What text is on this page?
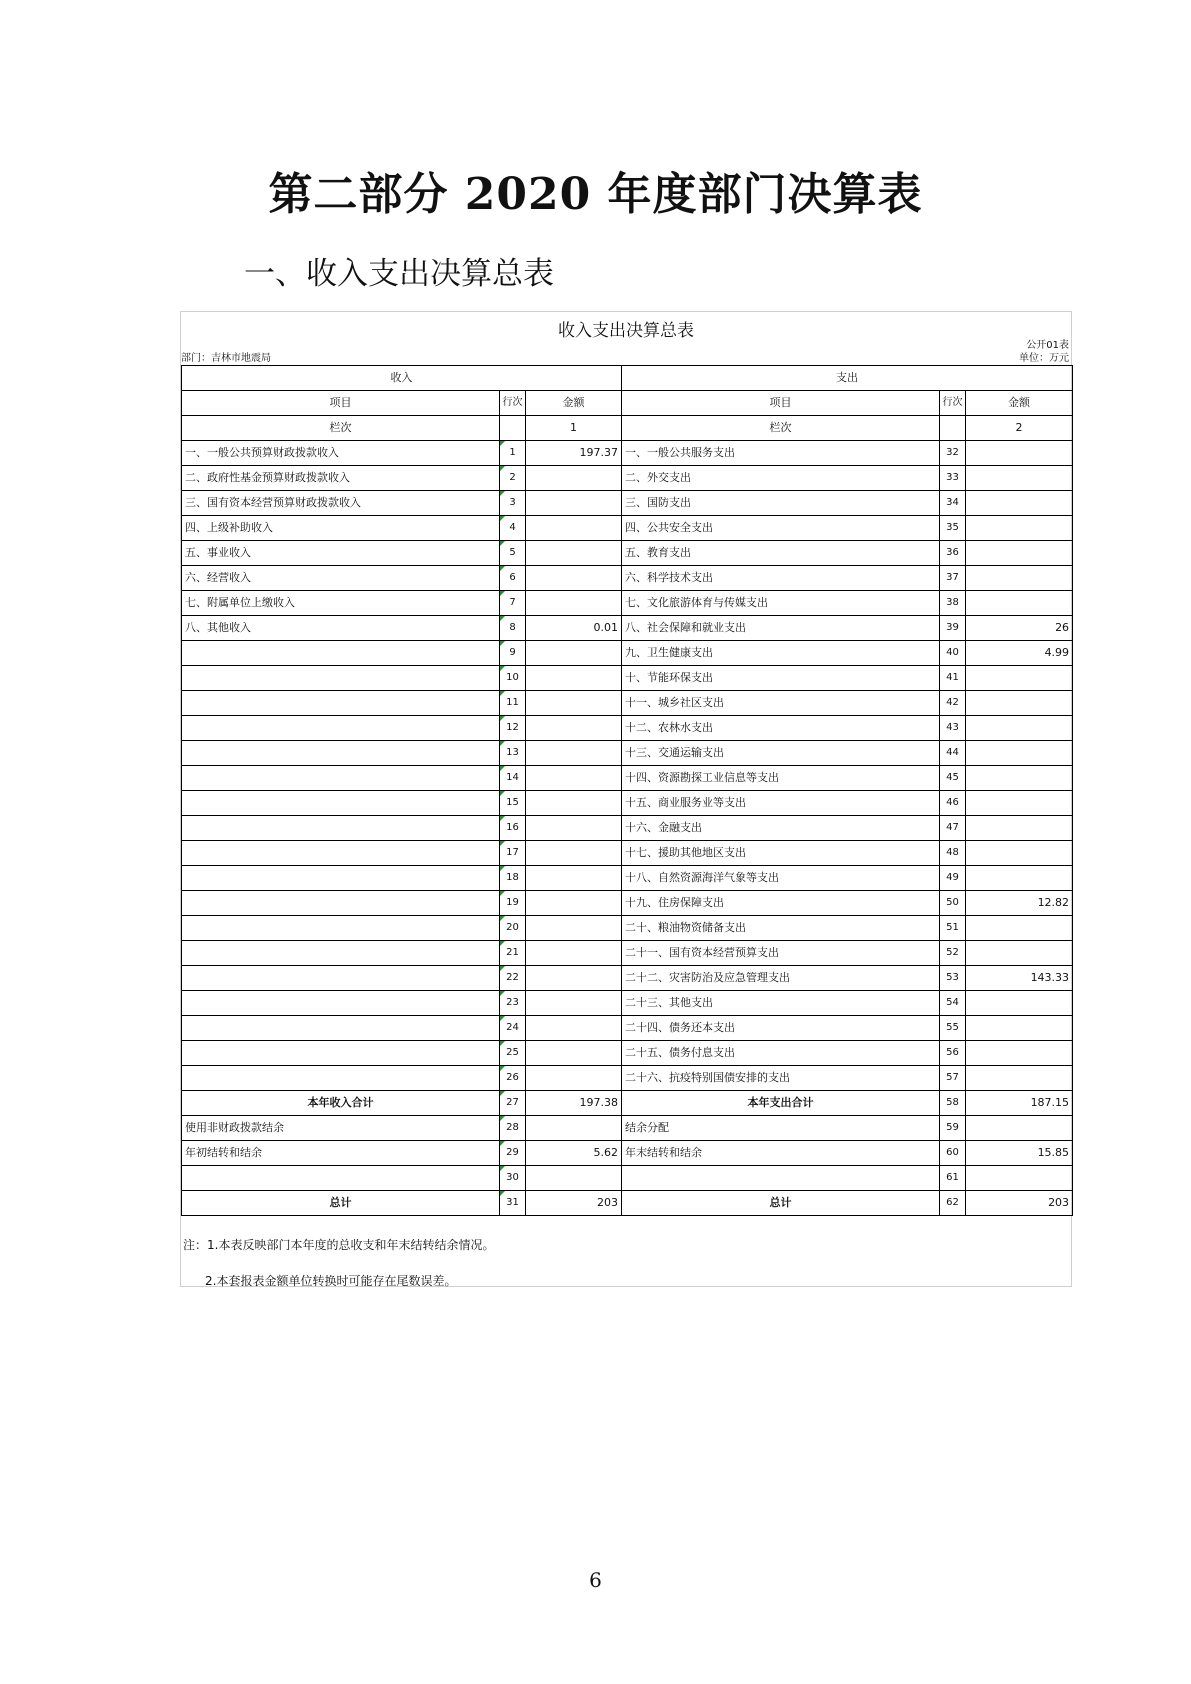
第二部分 2020 年度部门决算表
一、收入支出决算总表
收入支出决算总表
公开01表
部门：吉林市地震局	单位：万元
收入			支出		
项目	行次	金额	项目	行次	金额
栏次		1	栏次		2
一、一般公共预算财政拨款收入	1	197.37	一、一般公共服务支出	32	
二、政府性基金预算财政拨款收入	2		二、外交支出	33	
三、国有资本经营预算财政拨款收入	3		三、国防支出	34	
四、上级补助收入	4		四、公共安全支出	35	
五、事业收入	5		五、教育支出	36	
六、经营收入	6		六、科学技术支出	37	
七、附属单位上缴收入	7		七、文化旅游体育与传媒支出	38	
八、其他收入	8	0.01	八、社会保障和就业支出	39	26
	9		九、卫生健康支出	40	4.99
	10		十、节能环保支出	41	
	11		十一、城乡社区支出	42	
	12		十二、农林水支出	43	
	13		十三、交通运输支出	44	
	14		十四、资源勘探工业信息等支出	45	
	15		十五、商业服务业等支出	46	
	16		十六、金融支出	47	
	17		十七、援助其他地区支出	48	
	18		十八、自然资源海洋气象等支出	49	
	19		十九、住房保障支出	50	12.82
	20		二十、粮油物资储备支出	51	
	21		二十一、国有资本经营预算支出	52	
	22		二十二、灾害防治及应急管理支出	53	143.33
	23		二十三、其他支出	54	
	24		二十四、债务还本支出	55	
	25		二十五、债务付息支出	56	
	26		二十六、抗疫特别国债安排的支出	57	
本年收入合计	27	197.38	本年支出合计	58	187.15
使用非财政拨款结余	28		结余分配	59	
年初结转和结余	29	5.62	年末结转和结余	60	15.85
	30			61	
总计	31	203	总计	62	203
注：1.本表反映部门本年度的总收支和年末结转结余情况。
2.本套报表金额单位转换时可能存在尾数误差。
6
